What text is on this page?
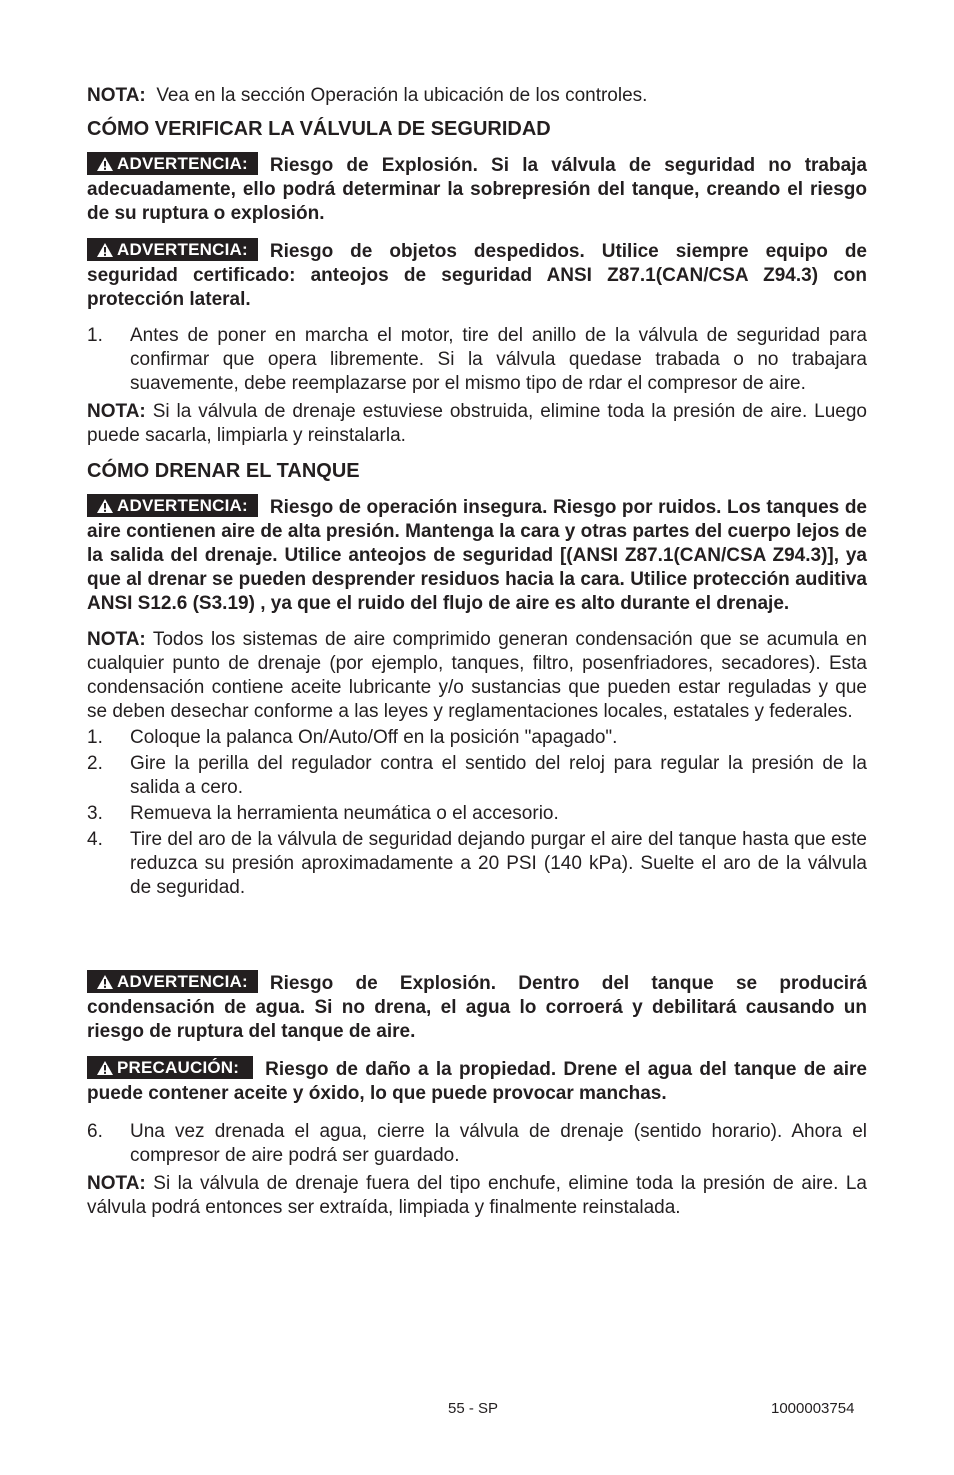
NOTA: Vea en la sección Operación la ubicación de los controles.

CÓMO VERIFICAR LA VÁLVULA DE SEGURIDAD

ADVERTENCIA: Riesgo de Explosión. Si la válvula de seguridad no trabaja adecuadamente, ello podrá determinar la sobrepresión del tanque, creando el riesgo de su ruptura o explosión.

ADVERTENCIA: Riesgo de objetos despedidos. Utilice siempre equipo de seguridad certificado: anteojos de seguridad ANSI Z87.1(CAN/CSA Z94.3) con protección lateral.

1.	Antes de poner en marcha el motor, tire del anillo de la válvula de seguridad para confirmar que opera libremente. Si la válvula quedase trabada o no trabajara suavemente, debe reemplazarse por el mismo tipo de rdar el compresor de aire.

NOTA: Si la válvula de drenaje estuviese obstruida, elimine toda la presión de aire. Luego puede sacarla, limpiarla y reinstalarla.

CÓMO DRENAR EL TANQUE

ADVERTENCIA: Riesgo de operación insegura. Riesgo por ruidos. Los tanques de aire contienen aire de alta presión. Mantenga la cara y otras partes del cuerpo lejos de la salida del drenaje. Utilice anteojos de seguridad [(ANSI Z87.1(CAN/CSA Z94.3)], ya que al drenar se pueden desprender residuos hacia la cara. Utilice protección auditiva ANSI S12.6 (S3.19) , ya que el ruido del flujo de aire es alto durante el drenaje.

NOTA: Todos los sistemas de aire comprimido generan condensación que se acumula en cualquier punto de drenaje (por ejemplo, tanques, filtro, posenfriadores, secadores). Esta condensación contiene aceite lubricante y/o sustancias que pueden estar reguladas y que se deben desechar conforme a las leyes y reglamentaciones locales, estatales y federales.

1.	Coloque la palanca On/Auto/Off en la posición "apagado".
2.	Gire la perilla del regulador contra el sentido del reloj para regular la presión de la salida a cero.
3.	Remueva la herramienta neumática o el accesorio.
4.	Tire del aro de la válvula de seguridad dejando purgar el aire del tanque hasta que este reduzca su presión aproximadamente a 20 PSI (140 kPa). Suelte el aro de la válvula de seguridad.

ADVERTENCIA: Riesgo de Explosión. Dentro del tanque se producirá condensación de agua. Si no drena, el agua lo corroerá y debilitará causando un riesgo de ruptura del tanque de aire.

PRECAUCIÓN: Riesgo de daño a la propiedad. Drene el agua del tanque de aire puede contener aceite y óxido, lo que puede provocar manchas.

6.	Una vez drenada el agua, cierre la válvula de drenaje (sentido horario). Ahora el compresor de aire podrá ser guardado.

NOTA: Si la válvula de drenaje fuera del tipo enchufe, elimine toda la presión de aire. La válvula podrá entonces ser extraída, limpiada y finalmente reinstalada.

55 - SP	1000003754
